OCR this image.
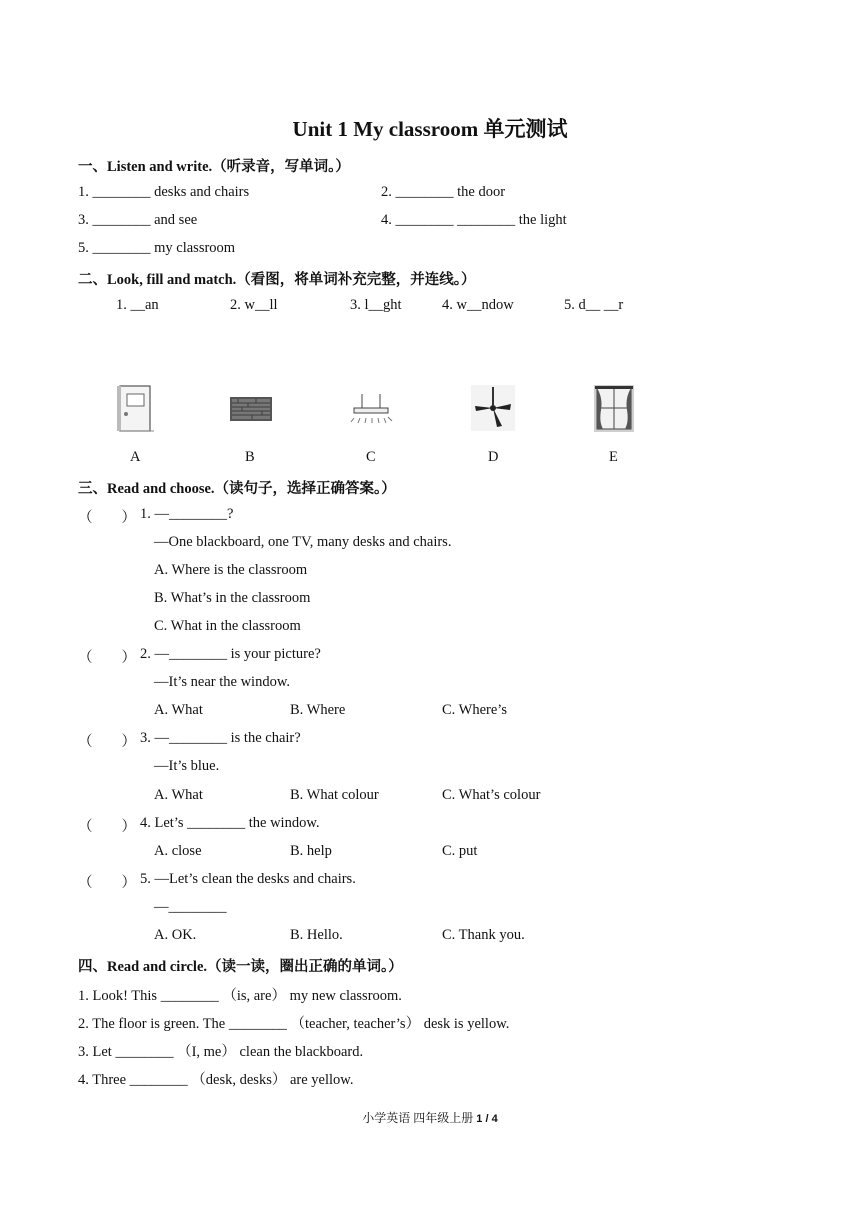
Unit 1 My classroom 单元测试
一、Listen and write.（听录音，写单词。）
1. ________ desks and chairs	2. ________ the door
3. ________ and see	4. ________ ________ the light
5. ________ my classroom
二、Look, fill and match.（看图，将单词补充完整，并连线。）
1. __an	2. w__ll	3. l__ght	4. w__ndow	5. d__ __r
A	B	C	D	E
三、Read and choose.（读句子，选择正确答案。）
（　　） 1. —________?
—One blackboard, one TV, many desks and chairs.
A. Where is the classroom
B. What’s in the classroom
C. What in the classroom
（　　） 2. —________ is your picture?
—It’s near the window.
A. What	B. Where	C. Where’s
（　　） 3. —________ is the chair?
—It’s blue.
A. What	B. What colour	C. What’s colour
（　　） 4. Let’s ________ the window.
A. close	B. help	C. put
（　　） 5. —Let’s clean the desks and chairs.
—________
A. OK.	B. Hello.	C. Thank you.
四、Read and circle.（读一读，圈出正确的单词。）
1. Look! This ________ （is, are） my new classroom.
2. The floor is green. The ________ （teacher, teacher’s） desk is yellow.
3. Let ________ （I, me） clean the blackboard.
4. Three ________ （desk, desks） are yellow.
小学英语 四年级上册 1 / 4
